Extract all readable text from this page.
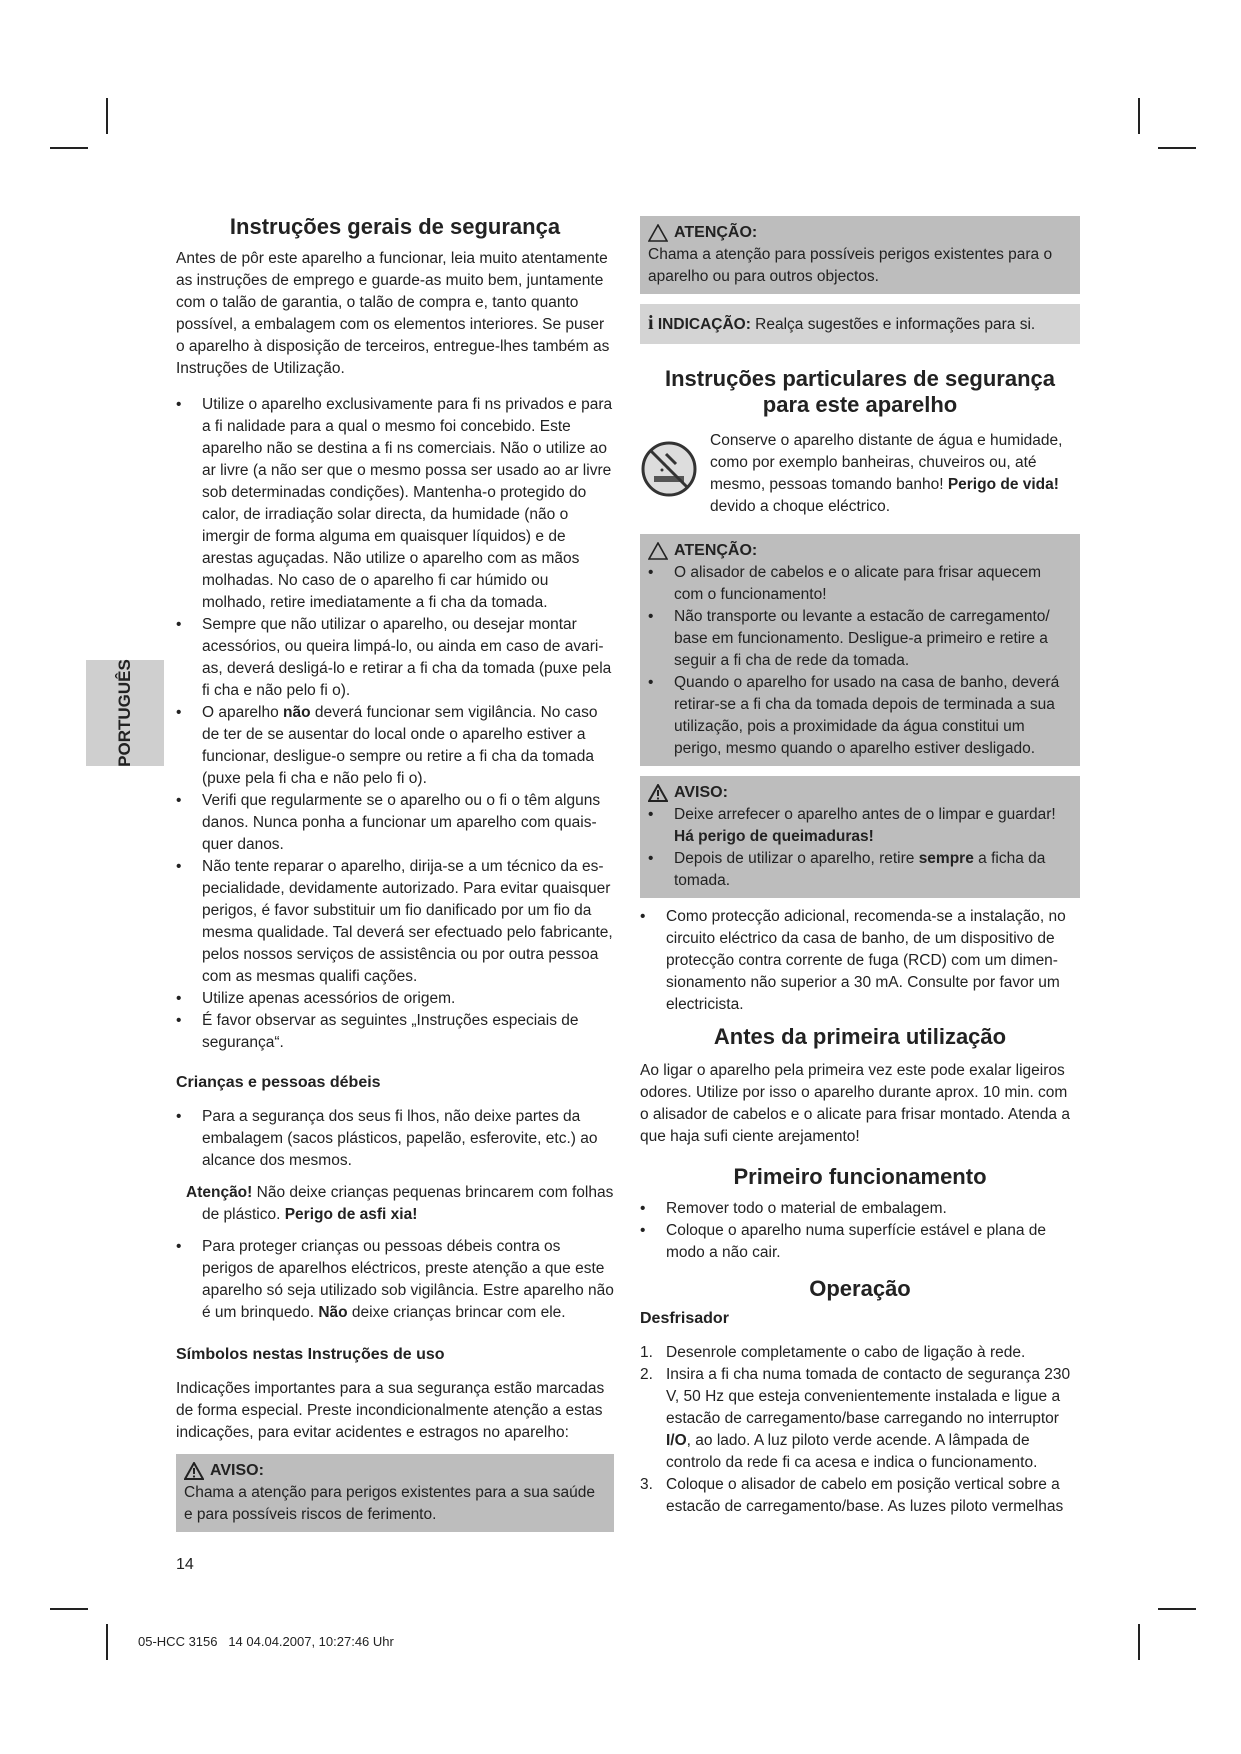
PORTUGUÊS

Instruções gerais de segurança

Antes de pôr este aparelho a funcionar, leia muito atentamente as instruções de emprego e guarde-as muito bem, juntamente com o talão de garantia, o talão de compra e, tanto quanto possível, a embalagem com os elementos interiores. Se puser o aparelho à disposição de terceiros, entregue-lhes também as Instruções de Utilização.

• Utilize o aparelho exclusivamente para fi ns privados e para a fi nalidade para a qual o mesmo foi concebido. Este aparelho não se destina a fi ns comerciais. Não o utilize ao ar livre (a não ser que o mesmo possa ser usado ao ar livre sob determinadas condições). Mantenha-o protegido do calor, de irradiação solar directa, da humidade (não o imergir de forma alguma em quaisquer líquidos) e de arestas aguçadas. Não utilize o aparelho com as mãos molhadas. No caso de o aparelho fi car húmido ou molhado, retire imediatamente a fi cha da tomada.
• Sempre que não utilizar o aparelho, ou desejar montar acessórios, ou queira limpá-lo, ou ainda em caso de avari-as, deverá desligá-lo e retirar a fi cha da tomada (puxe pela fi cha e não pelo fi o).
• O aparelho não deverá funcionar sem vigilância. No caso de ter de se ausentar do local onde o aparelho estiver a funcionar, desligue-o sempre ou retire a fi cha da tomada (puxe pela fi cha e não pelo fi o).
• Verifi que regularmente se o aparelho ou o fi o têm alguns danos. Nunca ponha a funcionar um aparelho com quais-quer danos.
• Não tente reparar o aparelho, dirija-se a um técnico da es-pecialidade, devidamente autorizado. Para evitar quaisquer perigos, é favor substituir um fio danificado por um fio da mesma qualidade. Tal deverá ser efectuado pelo fabricante, pelos nossos serviços de assistência ou por outra pessoa com as mesmas qualifi cações.
• Utilize apenas acessórios de origem.
• É favor observar as seguintes „Instruções especiais de segurança“.

Crianças e pessoas débeis

• Para a segurança dos seus fi lhos, não deixe partes da embalagem (sacos plásticos, papelão, esferovite, etc.) ao alcance dos mesmos.

Atenção! Não deixe crianças pequenas brincarem com folhas de plástico. Perigo de asfi xia!

• Para proteger crianças ou pessoas débeis contra os perigos de aparelhos eléctricos, preste atenção a que este aparelho só seja utilizado sob vigilância. Estre aparelho não é um brinquedo. Não deixe crianças brincar com ele.

Símbolos nestas Instruções de uso

Indicações importantes para a sua segurança estão marcadas de forma especial. Preste incondicionalmente atenção a estas indicações, para evitar acidentes e estragos no aparelho:

AVISO:

Chama a atenção para perigos existentes para a sua saúde e para possíveis riscos de ferimento.

14
05-HCC 3156   14 04.04.2007, 10:27:46 Uhr
ATENÇÃO:

Chama a atenção para possíveis perigos existentes para o aparelho ou para outros objectos.

i INDICAÇÃO: Realça sugestões e informações para si.

Instruções particulares de segurança
para este aparelho

Conserve o aparelho distante de água e humidade, como por exemplo banheiras, chuveiros ou, até mesmo, pessoas tomando banho! Perigo de vida! devido a choque eléctrico.

ATENÇÃO:
• O alisador de cabelos e o alicate para frisar aquecem com o funcionamento!
• Não transporte ou levante a estacão de carregamento/ base em funcionamento. Desligue-a primeiro e retire a seguir a fi cha de rede da tomada.
• Quando o aparelho for usado na casa de banho, deverá retirar-se a fi cha da tomada depois de terminada a sua utilização, pois a proximidade da água constitui um perigo, mesmo quando o aparelho estiver desligado.
AVISO:
• Deixe arrefecer o aparelho antes de o limpar e guardar!
Há perigo de queimaduras!
• Depois de utilizar o aparelho, retire sempre a ficha da tomada.
• Como protecção adicional, recomenda-se a instalação, no circuito eléctrico da casa de banho, de um dispositivo de protecção contra corrente de fuga (RCD) com um dimen-sionamento não superior a 30 mA. Consulte por favor um electricista.

Antes da primeira utilização

Ao ligar o aparelho pela primeira vez este pode exalar ligeiros odores. Utilize por isso o aparelho durante aprox. 10 min. com o alisador de cabelos e o alicate para frisar montado. Atenda a que haja sufi ciente arejamento!

Primeiro funcionamento

• Remover todo o material de embalagem.
• Coloque o aparelho numa superfície estável e plana de modo a não cair.

Operação

Desfrisador

1. Desenrole completamente o cabo de ligação à rede.
2. Insira a fi cha numa tomada de contacto de segurança 230 V, 50 Hz que esteja convenientemente instalada e ligue a estacão de carregamento/base carregando no interruptor I/O, ao lado. A luz piloto verde acende. A lâmpada de controlo da rede fi ca acesa e indica o funcionamento.
3. Coloque o alisador de cabelo em posição vertical sobre a estacão de carregamento/base. As luzes piloto vermelhas
